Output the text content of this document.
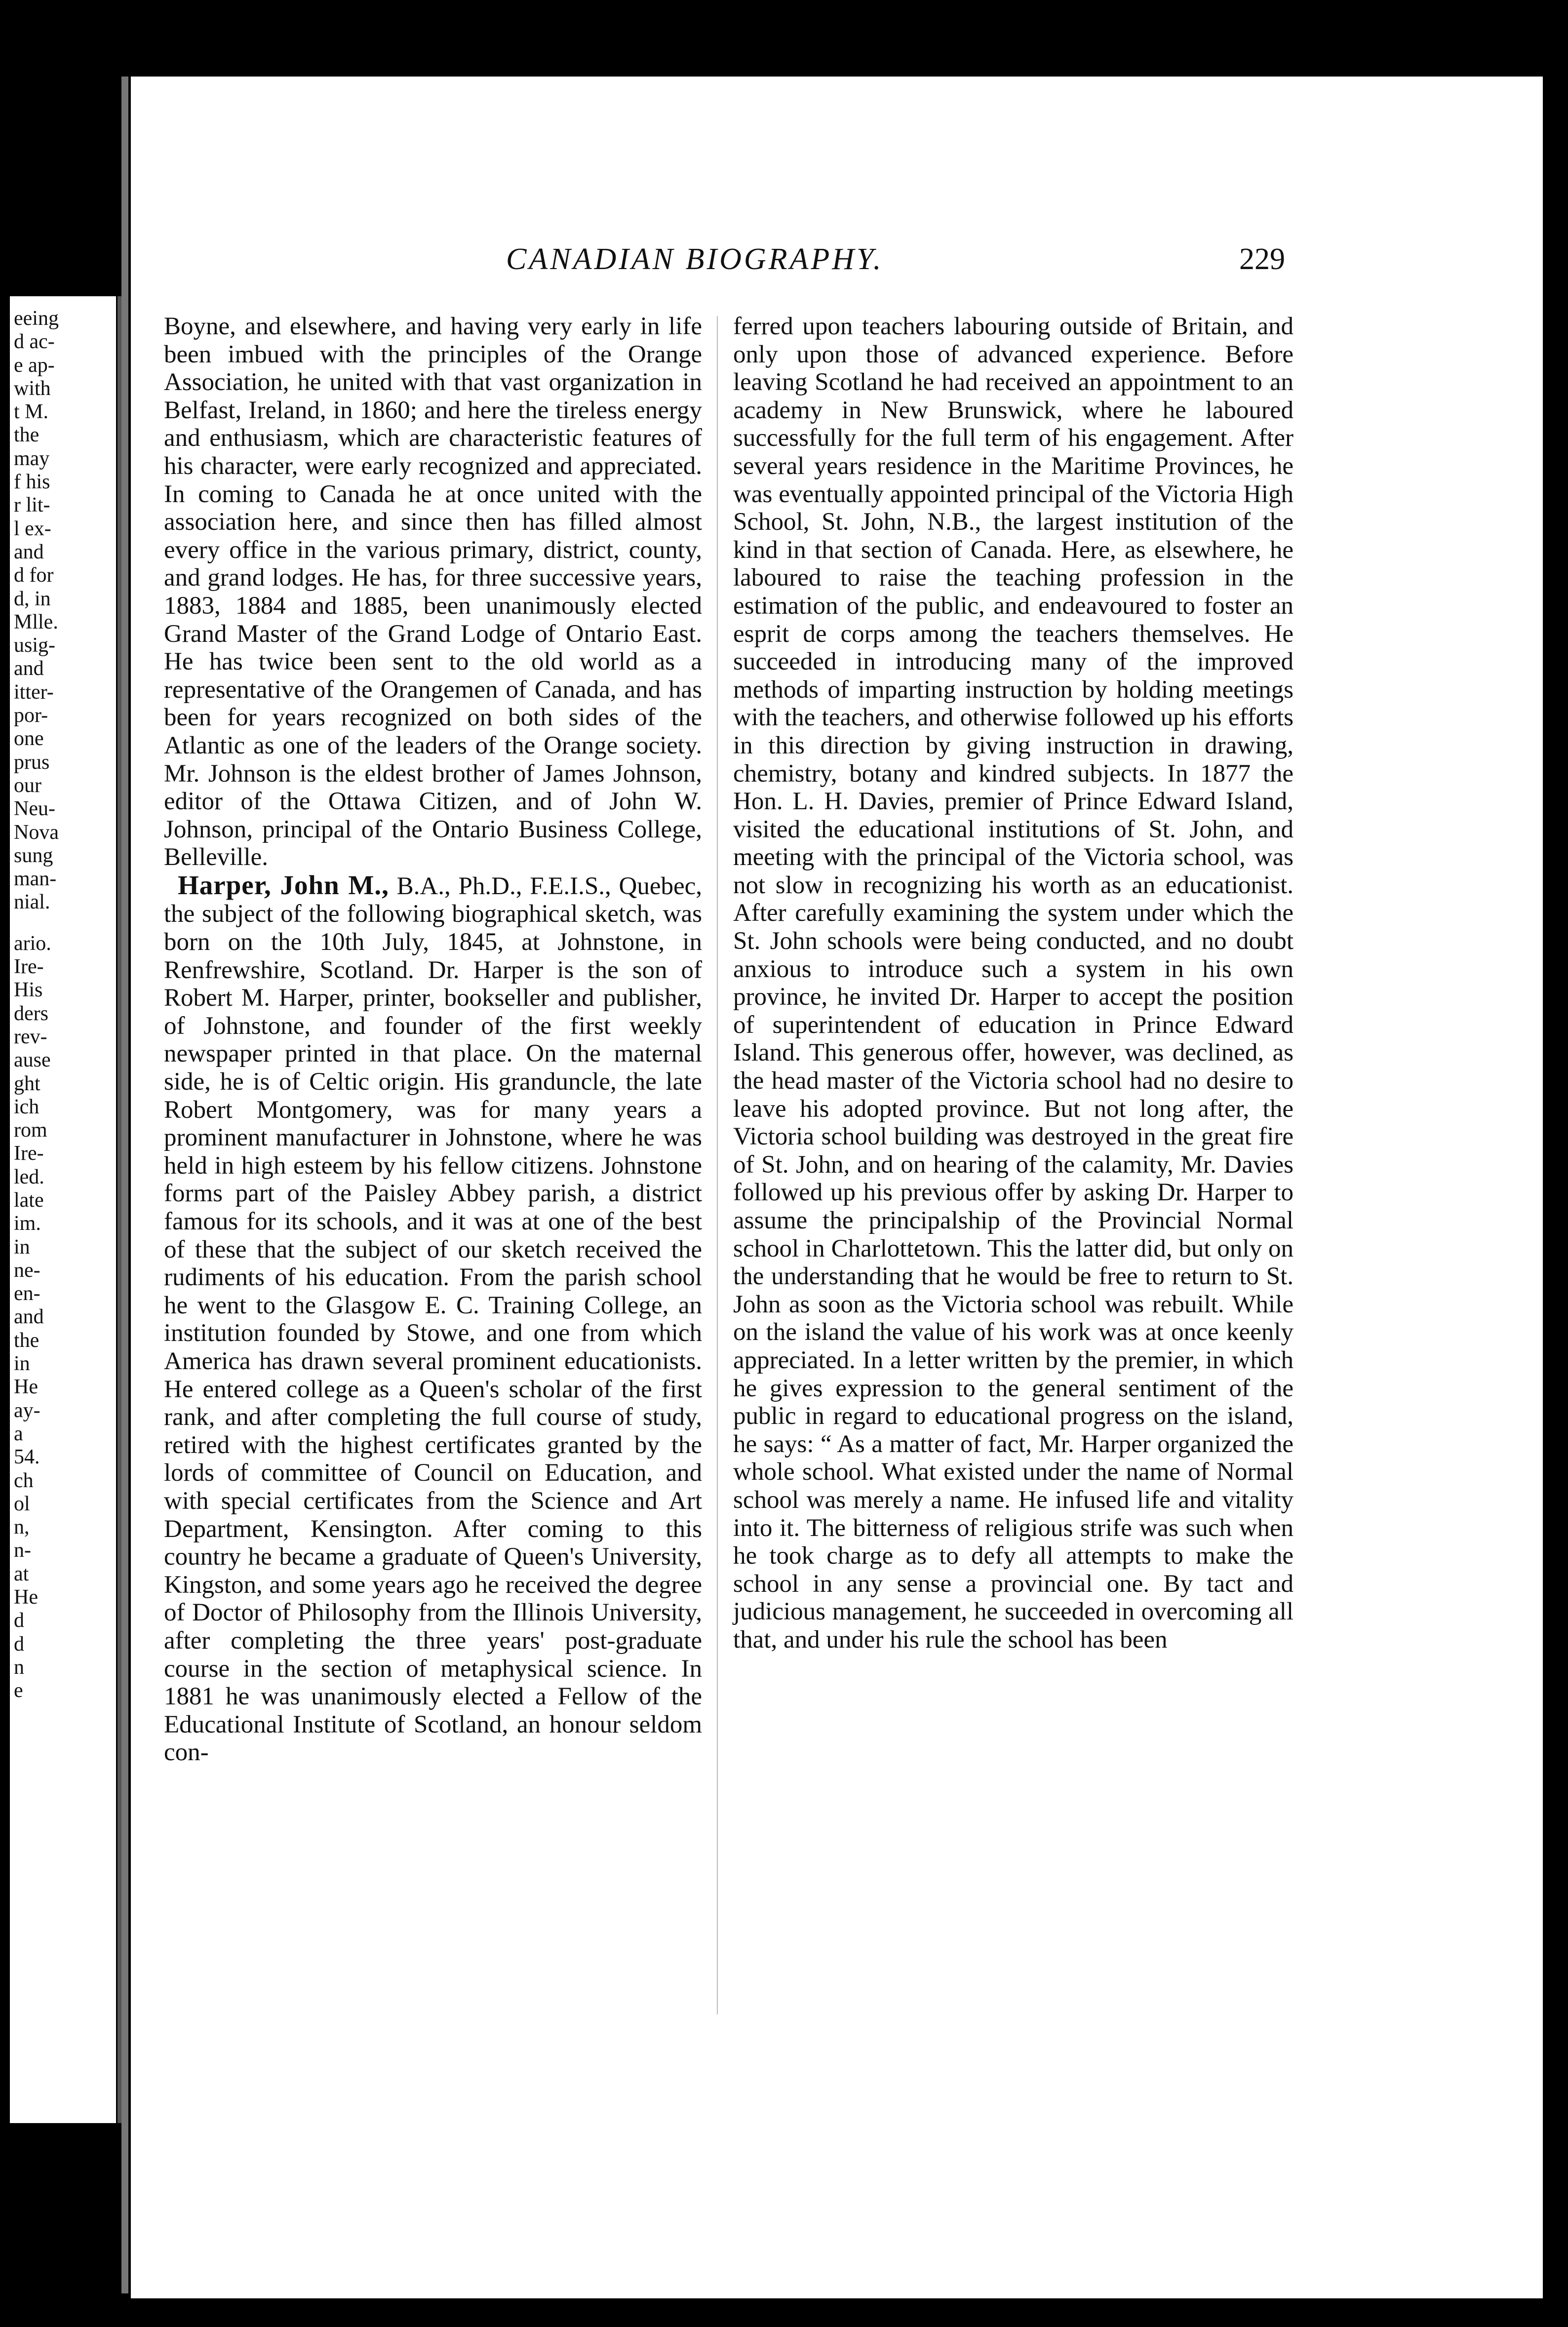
eeing
d ac-
e ap-
with
t M.
the
may
f his
r lit-
l ex-
and
d for
d, in
Mlle.
usig-
and
itter-
por-
one
prus
our
Neu-
Nova
sung
man-
nial.
ario.
Ire-
His
ders
rev-
ause
ght
ich
rom
Ire-
led.
late
im.
in
ne-
en-
and
the
in
He
ay-
a
54.
ch
ol
n,
n-
at
He
d
d
n
e
CANADIAN BIOGRAPHY.	229

Boyne, and elsewhere, and having very early in life been imbued with the principles of the Orange Association, he united with that vast organization in Belfast, Ireland, in 1860; and here the tireless energy and enthusiasm, which are characteristic features of his character, were early recognized and appreciated. In coming to Canada he at once united with the association here, and since then has filled almost every office in the various primary, district, county, and grand lodges. He has, for three successive years, 1883, 1884 and 1885, been unanimously elected Grand Master of the Grand Lodge of Ontario East. He has twice been sent to the old world as a representative of the Orangemen of Canada, and has been for years recognized on both sides of the Atlantic as one of the leaders of the Orange society. Mr. Johnson is the eldest brother of James Johnson, editor of the Ottawa Citizen, and of John W. Johnson, principal of the Ontario Business College, Belleville.

Harper, John M., B.A., Ph.D., F.E.I.S., Quebec, the subject of the following biographical sketch, was born on the 10th July, 1845, at Johnstone, in Renfrewshire, Scotland. Dr. Harper is the son of Robert M. Harper, printer, bookseller and publisher, of Johnstone, and founder of the first weekly newspaper printed in that place. On the maternal side, he is of Celtic origin. His granduncle, the late Robert Montgomery, was for many years a prominent manufacturer in Johnstone, where he was held in high esteem by his fellow citizens. Johnstone forms part of the Paisley Abbey parish, a district famous for its schools, and it was at one of the best of these that the subject of our sketch received the rudiments of his education. From the parish school he went to the Glasgow E. C. Training College, an institution founded by Stowe, and one from which America has drawn several prominent educationists. He entered college as a Queen's scholar of the first rank, and after completing the full course of study, retired with the highest certificates granted by the lords of committee of Council on Education, and with special certificates from the Science and Art Department, Kensington. After coming to this country he became a graduate of Queen's University, Kingston, and some years ago he received the degree of Doctor of Philosophy from the Illinois University, after completing the three years' post-graduate course in the section of metaphysical science. In 1881 he was unanimously elected a Fellow of the Educational Institute of Scotland, an honour seldom con-

ferred upon teachers labouring outside of Britain, and only upon those of advanced experience. Before leaving Scotland he had received an appointment to an academy in New Brunswick, where he laboured successfully for the full term of his engagement. After several years residence in the Maritime Provinces, he was eventually appointed principal of the Victoria High School, St. John, N.B., the largest institution of the kind in that section of Canada. Here, as elsewhere, he laboured to raise the teaching profession in the estimation of the public, and endeavoured to foster an esprit de corps among the teachers themselves. He succeeded in introducing many of the improved methods of imparting instruction by holding meetings with the teachers, and otherwise followed up his efforts in this direction by giving instruction in drawing, chemistry, botany and kindred subjects. In 1877 the Hon. L. H. Davies, premier of Prince Edward Island, visited the educational institutions of St. John, and meeting with the principal of the Victoria school, was not slow in recognizing his worth as an educationist. After carefully examining the system under which the St. John schools were being conducted, and no doubt anxious to introduce such a system in his own province, he invited Dr. Harper to accept the position of superintendent of education in Prince Edward Island. This generous offer, however, was declined, as the head master of the Victoria school had no desire to leave his adopted province. But not long after, the Victoria school building was destroyed in the great fire of St. John, and on hearing of the calamity, Mr. Davies followed up his previous offer by asking Dr. Harper to assume the principalship of the Provincial Normal school in Charlottetown. This the latter did, but only on the understanding that he would be free to return to St. John as soon as the Victoria school was rebuilt. While on the island the value of his work was at once keenly appreciated. In a letter written by the premier, in which he gives expression to the general sentiment of the public in regard to educational progress on the island, he says: “ As a matter of fact, Mr. Harper organized the whole school. What existed under the name of Normal school was merely a name. He infused life and vitality into it. The bitterness of religious strife was such when he took charge as to defy all attempts to make the school in any sense a provincial one. By tact and judicious management, he succeeded in overcoming all that, and under his rule the school has been
